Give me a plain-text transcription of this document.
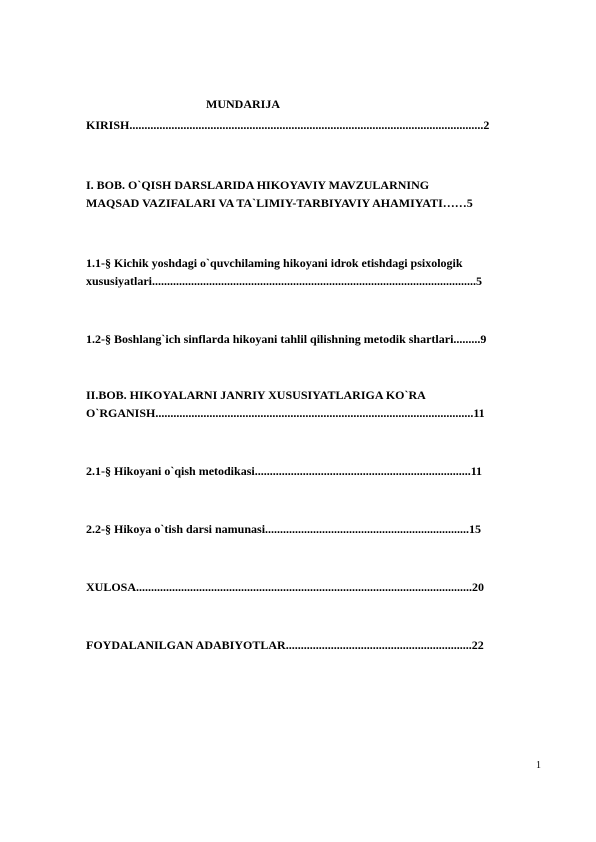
MUNDARIJA
KIRISH......................................................................................................................2
I. BOB. O`QISH DARSLARIDA HIKOYAVIY MAVZULARNING
MAQSAD VAZIFALARI VA TA`LIMIY-TARBIYAVIY AHAMIYATI……5
1.1-§ Kichik yoshdagi o`quvchilaming hikoyani idrok etishdagi psixologik
xususiyatlari............................................................................................................5
1.2-§ Boshlang`ich sinflarda hikoyani tahlil qilishning metodik shartlari.........9
II.BOB. HIKOYALARNI JANRIY XUSUSIYATLARIGA KO`RA
O`RGANISH..........................................................................................................11
2.1-§ Hikoyani o`qish metodikasi........................................................................11
2.2-§ Hikoya o`tish darsi namunasi....................................................................15
XULOSA................................................................................................................20
FOYDALANILGAN ADABIYOTLAR..............................................................22
1
